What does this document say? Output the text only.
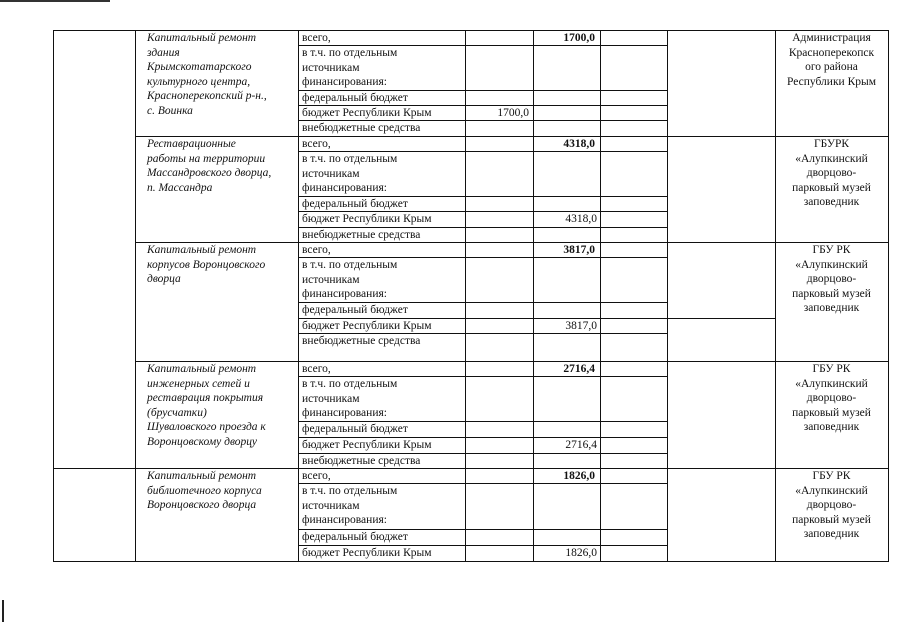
Капитальный ремонт
здания
Крымскотатарского
культурного центра,
Красноперекопский р-н.,
с. Воинка
всего,	1700,0
в т.ч. по отдельным
источникам
финансирования:
федеральный бюджет
бюджет Республики Крым	1700,0
внебюджетные средства
Администрация
Красноперекопск
ого района
Республики Крым
Реставрационные
работы на территории
Массандровского дворца,
п. Массандра
всего,	4318,0
в т.ч. по отдельным
источникам
финансирования:
федеральный бюджет
бюджет Республики Крым	4318,0
внебюджетные средства
ГБУРК
«Алупкинский
дворцово-
парковый музей
заповедник
Капитальный ремонт
корпусов Воронцовского
дворца
всего,	3817,0
в т.ч. по отдельным
источникам
финансирования:
федеральный бюджет
бюджет Республики Крым	3817,0
внебюджетные средства
ГБУ РК
«Алупкинский
дворцово-
парковый музей
заповедник
Капитальный ремонт
инженерных сетей и
реставрация покрытия
(брусчатки)
Шуваловского проезда к
Воронцовскому дворцу
всего,	2716,4
в т.ч. по отдельным
источникам
финансирования:
федеральный бюджет
бюджет Республики Крым	2716,4
внебюджетные средства
ГБУ РК
«Алупкинский
дворцово-
парковый музей
заповедник
Капитальный ремонт
библиотечного корпуса
Воронцовского дворца
всего,	1826,0
в т.ч. по отдельным
источникам
финансирования:
федеральный бюджет
бюджет Республики Крым	1826,0
ГБУ РК
«Алупкинский
дворцово-
парковый музей
заповедник
